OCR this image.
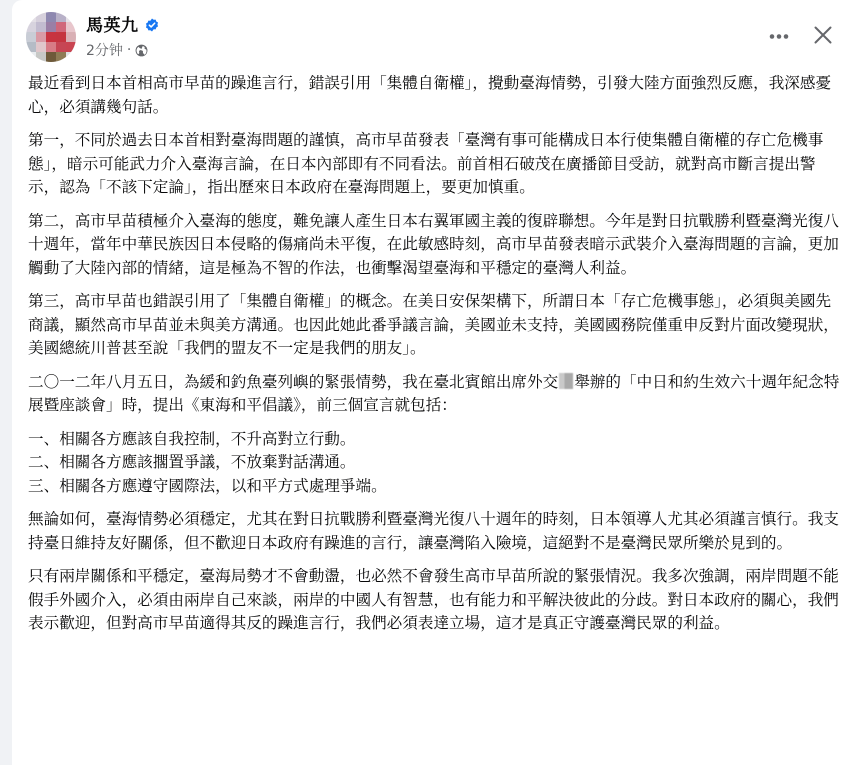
馬英九
2分钟 ·

最近看到日本首相高市早苗的躁進言行，錯誤引用「集體自衛權」，攪動臺海情勢，引發大陸方面強烈反應，我深感憂心，必須講幾句話。

第一，不同於過去日本首相對臺海問題的謹慎，高市早苗發表「臺灣有事可能構成日本行使集體自衛權的存亡危機事態」，暗示可能武力介入臺海言論，在日本內部即有不同看法。前首相石破茂在廣播節目受訪，就對高市斷言提出警示，認為「不該下定論」，指出歷來日本政府在臺海問題上，要更加慎重。

第二，高市早苗積極介入臺海的態度，難免讓人產生日本右翼軍國主義的復辟聯想。今年是對日抗戰勝利暨臺灣光復八十週年，當年中華民族因日本侵略的傷痛尚未平復，在此敏感時刻，高市早苗發表暗示武裝介入臺海問題的言論，更加觸動了大陸內部的情緒，這是極為不智的作法，也衝擊渴望臺海和平穩定的臺灣人利益。

第三，高市早苗也錯誤引用了「集體自衛權」的概念。在美日安保架構下，所謂日本「存亡危機事態」，必須與美國先商議，顯然高市早苗並未與美方溝通。也因此她此番爭議言論，美國並未支持，美國國務院僅重申反對片面改變現狀，美國總統川普甚至說「我們的盟友不一定是我們的朋友」。

二〇一二年八月五日，為緩和釣魚臺列嶼的緊張情勢，我在臺北賓館出席外交 舉辦的「中日和約生效六十週年紀念特展暨座談會」時，提出《東海和平倡議》，前三個宣言就包括：

一、相關各方應該自我控制，不升高對立行動。

二、相關各方應該擱置爭議，不放棄對話溝通。

三、相關各方應遵守國際法，以和平方式處理爭端。

無論如何，臺海情勢必須穩定，尤其在對日抗戰勝利暨臺灣光復八十週年的時刻，日本領導人尤其必須謹言慎行。我支持臺日維持友好關係，但不歡迎日本政府有躁進的言行，讓臺灣陷入險境，這絕對不是臺灣民眾所樂於見到的。

只有兩岸關係和平穩定，臺海局勢才不會動盪，也必然不會發生高市早苗所說的緊張情況。我多次強調，兩岸問題不能假手外國介入，必須由兩岸自己來談，兩岸的中國人有智慧，也有能力和平解決彼此的分歧。對日本政府的關心，我們表示歡迎，但對高市早苗適得其反的躁進言行，我們必須表達立場，這才是真正守護臺灣民眾的利益。
